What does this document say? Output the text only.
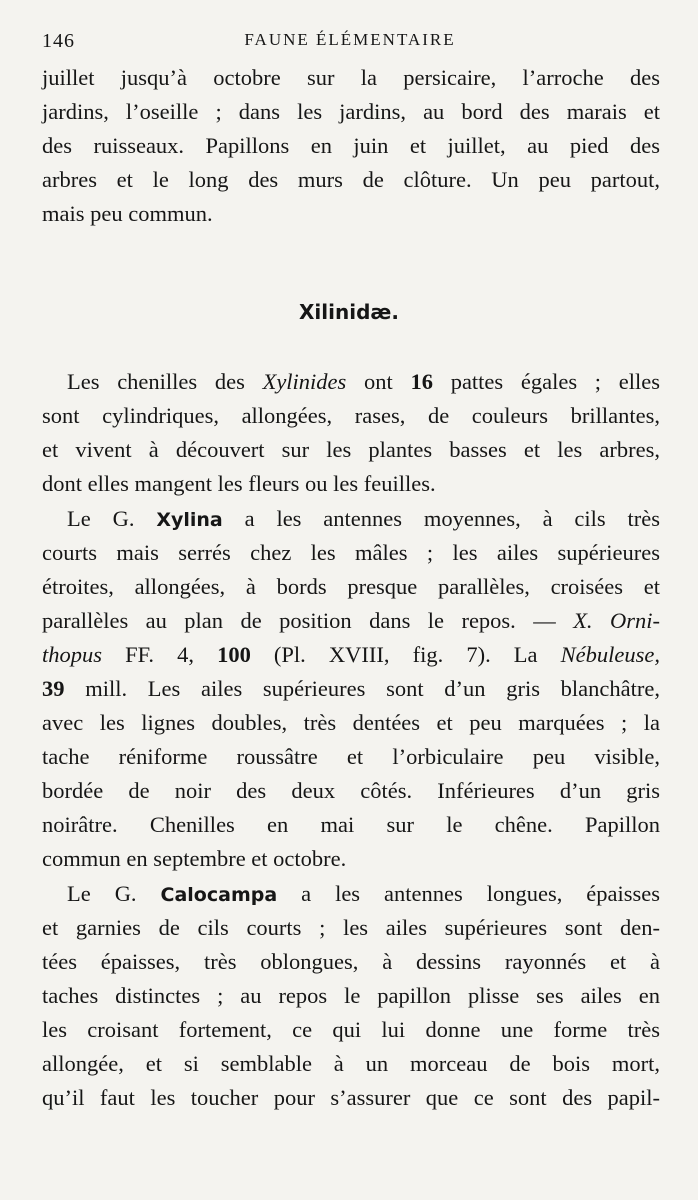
146	FAUNE ÉLÉMENTAIRE
juillet jusqu’à octobre sur la persicaire, l’arroche des
jardins, l’oseille ; dans les jardins, au bord des marais et
des ruisseaux. Papillons en juin et juillet, au pied des
arbres et le long des murs de clôture. Un peu partout,
mais peu commun.
Xilinidæ.
Les chenilles des Xylinides ont 16 pattes égales ; elles
sont cylindriques, allongées, rases, de couleurs brillantes,
et vivent à découvert sur les plantes basses et les arbres,
dont elles mangent les fleurs ou les feuilles.
Le G. Xylina a les antennes moyennes, à cils très
courts mais serrés chez les mâles ; les ailes supérieures
étroites, allongées, à bords presque parallèles, croisées et
parallèles au plan de position dans le repos. — X. Orni-
thopus FF. 4, 100 (Pl. XVIII, fig. 7). La Nébuleuse,
39 mill. Les ailes supérieures sont d’un gris blanchâtre,
avec les lignes doubles, très dentées et peu marquées ; la
tache réniforme roussâtre et l’orbiculaire peu visible,
bordée de noir des deux côtés. Inférieures d’un gris
noirâtre. Chenilles en mai sur le chêne. Papillon
commun en septembre et octobre.
Le G. Calocampa a les antennes longues, épaisses
et garnies de cils courts ; les ailes supérieures sont den-
tées épaisses, très oblongues, à dessins rayonnés et à
taches distinctes ; au repos le papillon plisse ses ailes en
les croisant fortement, ce qui lui donne une forme très
allongée, et si semblable à un morceau de bois mort,
qu’il faut les toucher pour s’assurer que ce sont des papil-
